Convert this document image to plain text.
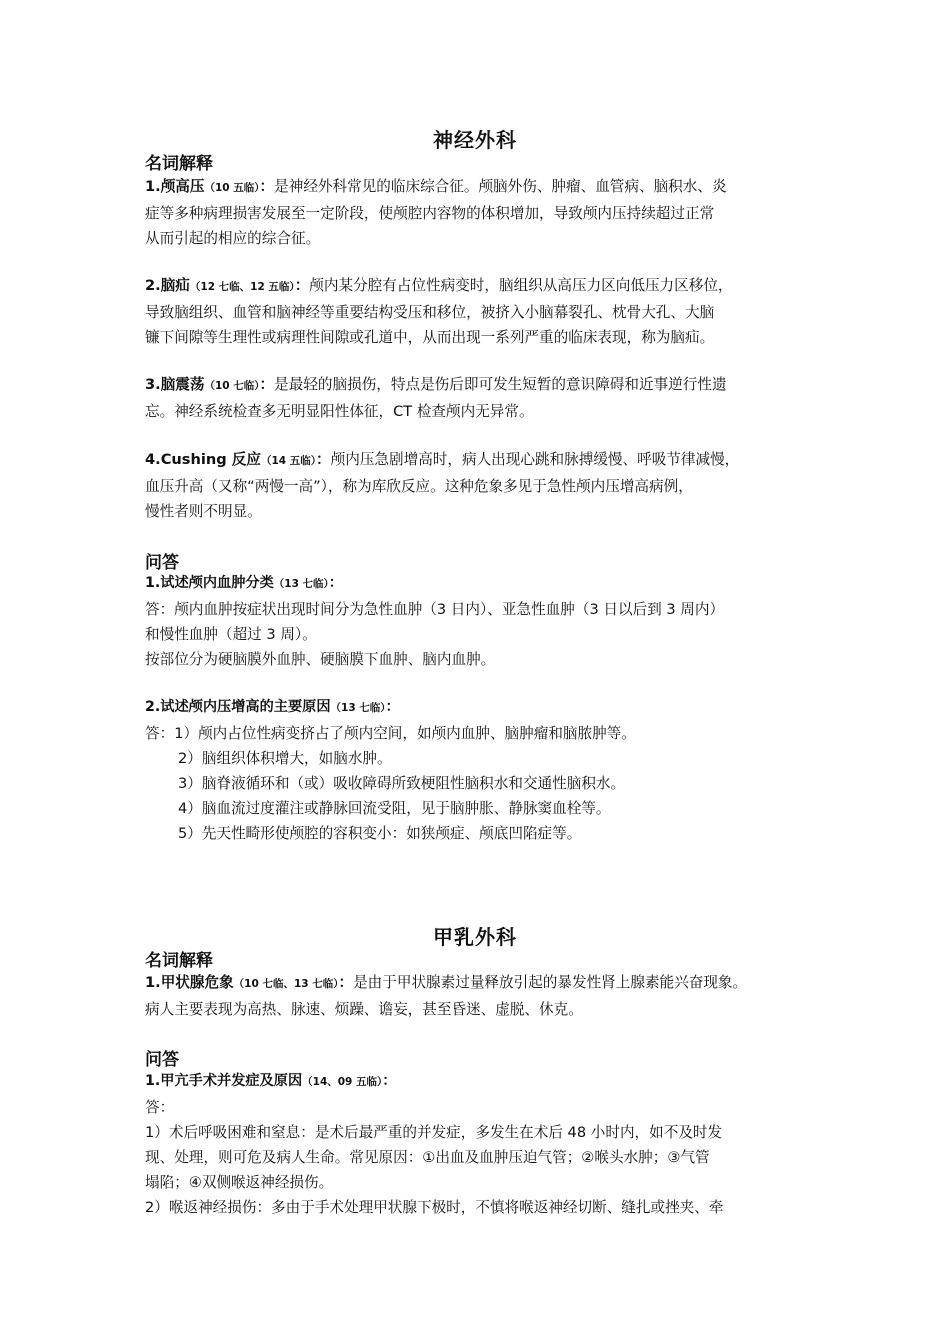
神经外科
名词解释

1.颅高压（10 五临）：是神经外科常见的临床综合征。颅脑外伤、肿瘤、血管病、脑积水、炎

症等多种病理损害发展至一定阶段，使颅腔内容物的体积增加，导致颅内压持续超过正常

从而引起的相应的综合征。

2.脑疝（12 七临、12 五临）：颅内某分腔有占位性病变时，脑组织从高压力区向低压力区移位，

导致脑组织、血管和脑神经等重要结构受压和移位，被挤入小脑幕裂孔、枕骨大孔、大脑

镰下间隙等生理性或病理性间隙或孔道中，从而出现一系列严重的临床表现，称为脑疝。

3.脑震荡（10 七临）：是最轻的脑损伤，特点是伤后即可发生短暂的意识障碍和近事逆行性遗

忘。神经系统检查多无明显阳性体征，CT 检查颅内无异常。

4.Cushing 反应（14 五临）：颅内压急剧增高时，病人出现心跳和脉搏缓慢、呼吸节律减慢，

血压升高（又称“两慢一高”），称为库欣反应。这种危象多见于急性颅内压增高病例，

慢性者则不明显。

问答

1.试述颅内血肿分类（13 七临）：

答：颅内血肿按症状出现时间分为急性血肿（3 日内）、亚急性血肿（3 日以后到 3 周内）

和慢性血肿（超过 3 周）。

按部位分为硬脑膜外血肿、硬脑膜下血肿、脑内血肿。

2.试述颅内压增高的主要原因（13 七临）：

答：1）颅内占位性病变挤占了颅内空间，如颅内血肿、脑肿瘤和脑脓肿等。

2）脑组织体积增大，如脑水肿。

3）脑脊液循环和（或）吸收障碍所致梗阻性脑积水和交通性脑积水。

4）脑血流过度灌注或静脉回流受阻，见于脑肿胀、静脉窦血栓等。

5）先天性畸形使颅腔的容积变小：如狭颅症、颅底凹陷症等。

甲乳外科
名词解释

1.甲状腺危象（10 七临、13 七临）：是由于甲状腺素过量释放引起的暴发性肾上腺素能兴奋现象。

病人主要表现为高热、脉速、烦躁、谵妄，甚至昏迷、虚脱、休克。

问答

1.甲亢手术并发症及原因（14、09 五临）：

答：

1）术后呼吸困难和窒息：是术后最严重的并发症，多发生在术后 48 小时内，如不及时发

现、处理，则可危及病人生命。常见原因：①出血及血肿压迫气管；②喉头水肿；③气管

塌陷；④双侧喉返神经损伤。

2）喉返神经损伤：多由于手术处理甲状腺下极时，不慎将喉返神经切断、缝扎或挫夹、牵
